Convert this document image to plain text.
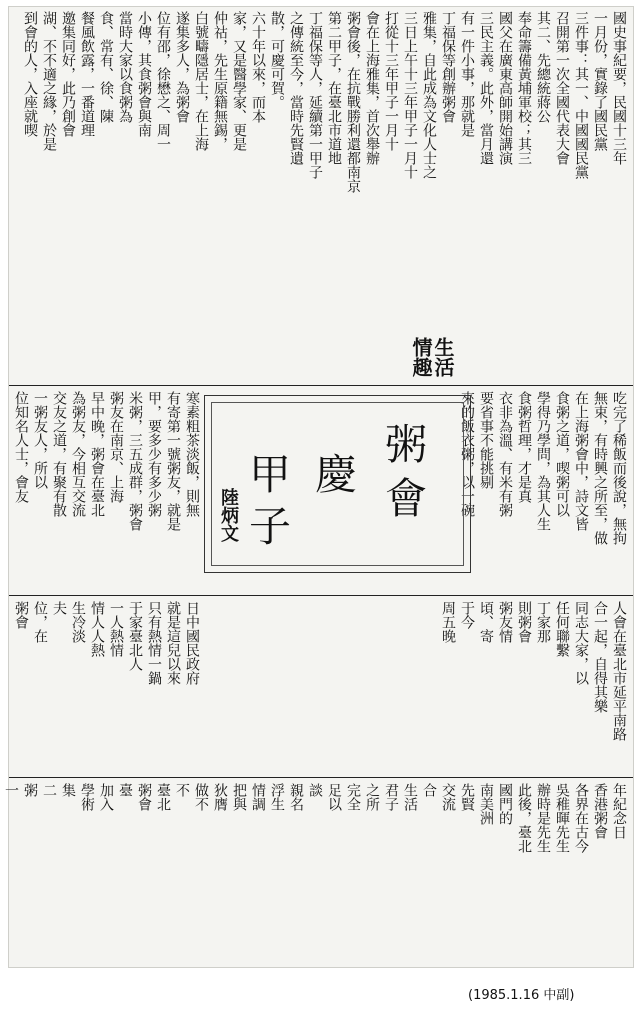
國史事紀要，民國十三年
一月份，實錄了國民黨
三件事：其一、中國國民黨
召開第一次全國代表大會
其二、先總統蔣公
奉命籌備黃埔軍校；其三
國父在廣東高師開始講演
三民主義。此外，當月還
有一件小事，那就是
丁福保等創辦粥會
雅集，自此成為文化人士之
三日上午十三年甲子一月十
打從十三年甲子一月十
會在上海雅集，首次舉辦
粥會後，在抗戰勝利還都南京
第二甲子，在臺北市道地
丁福保等人，延續第一甲子
之傳統至今，當時先賢遺
散，可慶可賀。
六十年以來，而本
家，又是醫學家、更是
仲祜，先生原籍無錫，
白號疇隱居士，在上海
遂集多人，為粥會
位有邵，徐懋之、周一
小傳，其食粥會與南
當時大家以食粥為
食、常有、徐、陳
餐風飲露，一番道理
邀集同好，此乃創會
湖、不不適之緣，於是
到會的人，入座就喫
吃完了稀飯而後說，無拘
無束，有時興之所至，做
在上海粥會中，詩文皆
食粥之道，喫粥可以
學得乃學問，為其人生
食粥哲理，才是真
衣非為溫、有米有粥
要省事不能挑剔
來的飯衣粥，以一碗
寒素粗茶淡飯，則無
有寄第一號粥友，就是
甲，要多少有多少粥
米粥，三五成群，粥會
粥友在南京、上海
早中晚，粥會在臺北
為粥友，今相互交流
交友之道，有聚有散
一粥友人，所以
位知名人士，會友	粥
會
慶
甲
子
陸炳文
生活
情趣
人會在臺北市延平南路
合一起，自得其樂
同志大家，以
任何聯繫
丁家那
則粥會
粥友情
頃、寄
于今
周五晚
日中國民政府
就是這兒以來
只有熱情一鍋
于家臺北人
一人熱情
情人人熱
生冷淡
夫
位，在
粥會
年紀念日
香港粥會
各界在古今
吳稚暉先生
辦時是先生
此後，臺北
國門的
南美洲
先賢
交流
合
生活
君子
之所
完全
足以
談
親名
浮生
情調
把與
狄膺
做不
不
臺北
粥會
臺
加入
學術
集
二
粥
一
(1985.1.16 中副)
